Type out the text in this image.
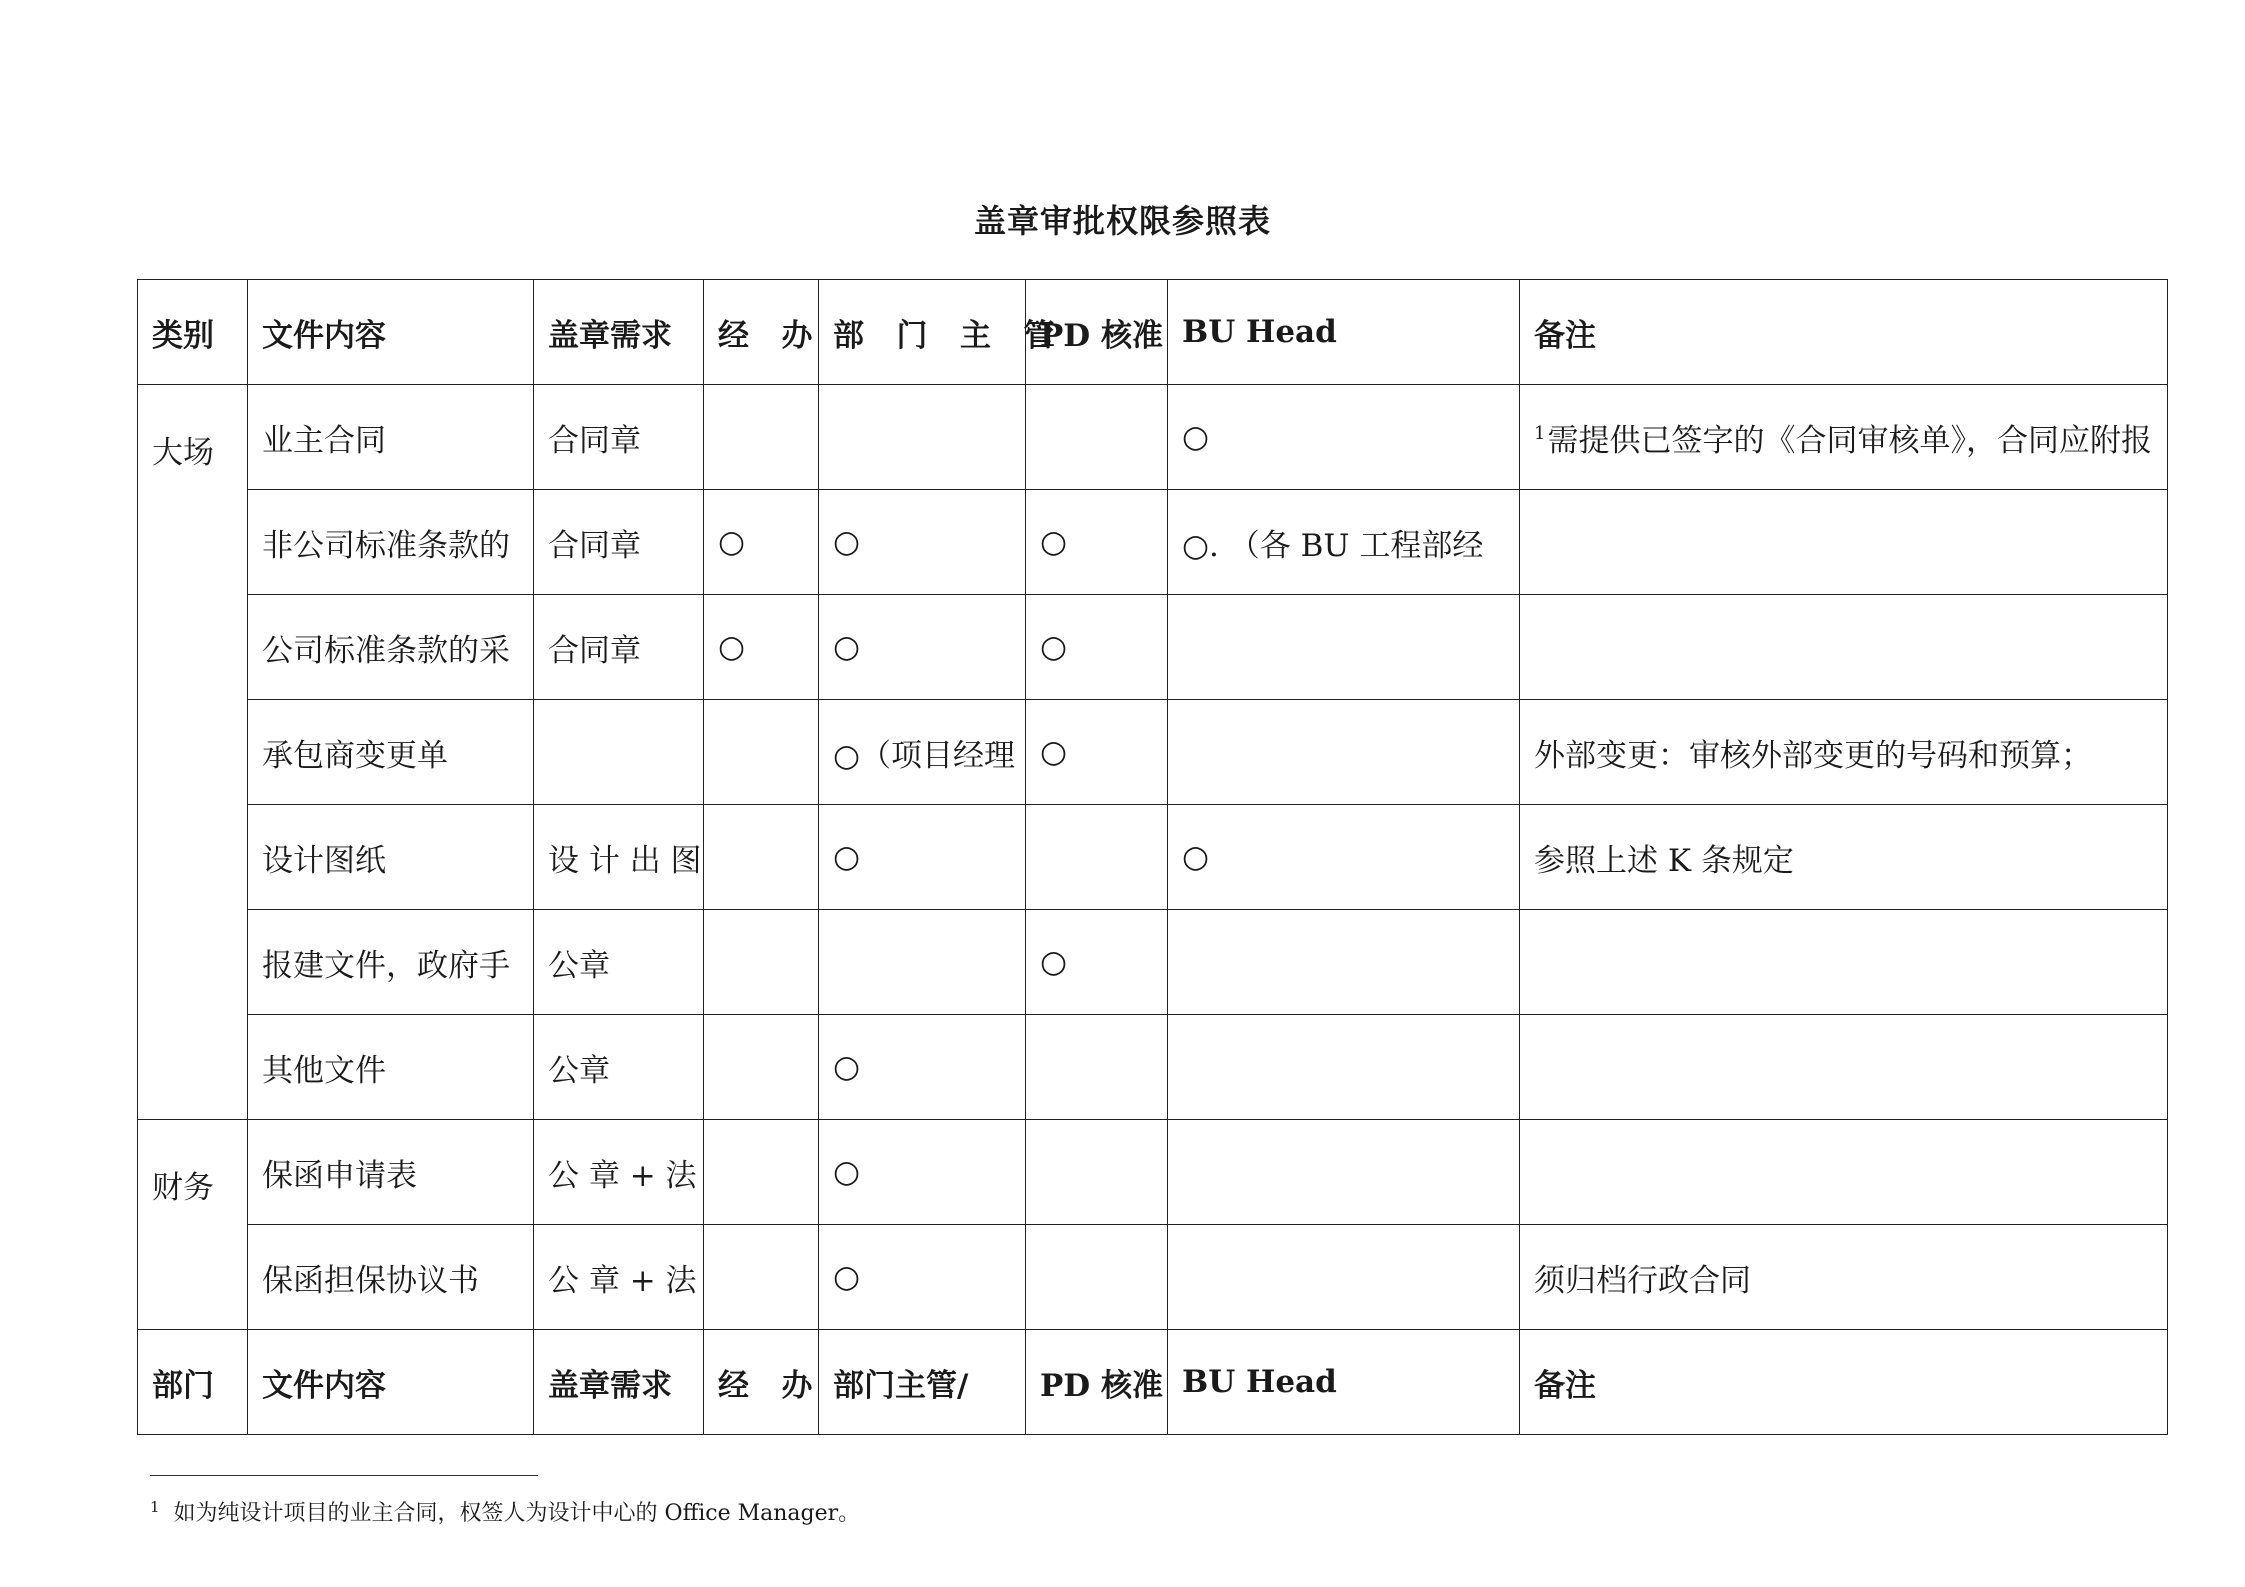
盖章审批权限参照表
类别	文件内容	盖章需求	经 办	部 门 主 管	PD 核准	BU Head	备注
大场	业主合同	合同章				○	$^1$需提供已签字的《合同审核单》，合同应附报
	非公司标准条款的	合同章	○	○	○	○. （各 BU 工程部经	
	公司标准条款的采	合同章	○	○	○		
	承包商变更单			○（项目经理	○		外部变更：审核外部变更的号码和预算；
	设计图纸	设 计 出 图		○		○	参照上述 K 条规定
	报建文件，政府手	公章			○		
	其他文件	公章		○			
财务	保函申请表	公 章 + 法		○			
	保函担保协议书	公 章 + 法		○			须归档行政合同
部门	文件内容	盖章需求	经 办	部门主管/	PD 核准	BU Head	备注
$^1$ 如为纯设计项目的业主合同，权签人为设计中心的 Office Manager。
